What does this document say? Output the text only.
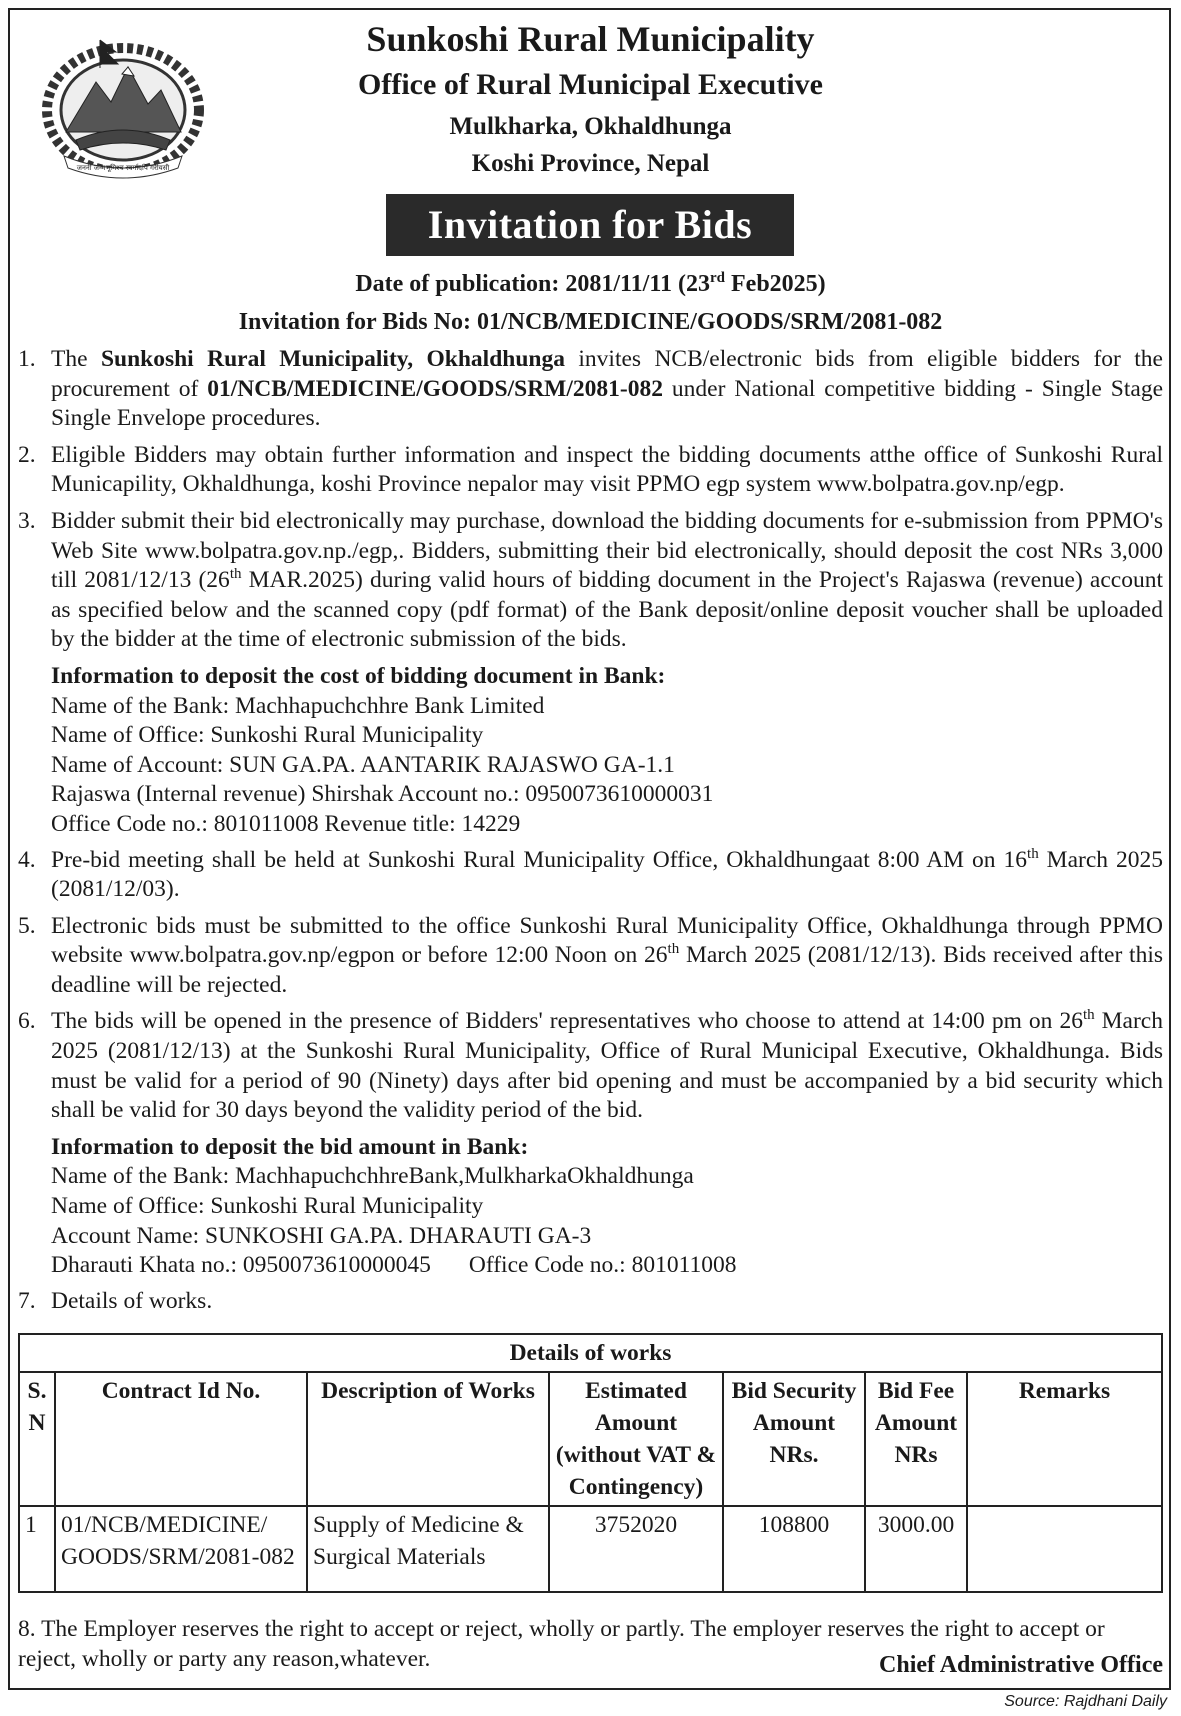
जननी जन्मभूमिश्च स्वर्गादपि गरीयसी
Sunkoshi Rural Municipality
Office of Rural Municipal Executive
Mulkharka, Okhaldhunga
Koshi Province, Nepal
Invitation for Bids
Date of publication: 2081/11/11 (23rd Feb2025)
Invitation for Bids No: 01/NCB/MEDICINE/GOODS/SRM/2081-082
1. The Sunkoshi Rural Municipality, Okhaldhunga invites NCB/electronic bids from eligible bidders for the procurement of 01/NCB/MEDICINE/GOODS/SRM/2081-082 under National competitive bidding - Single Stage Single Envelope procedures.
2. Eligible Bidders may obtain further information and inspect the bidding documents atthe office of Sunkoshi Rural Municapility, Okhaldhunga, koshi Province nepalor may visit PPMO egp system www.bolpatra.gov.np/egp.
3. Bidder submit their bid electronically may purchase, download the bidding documents for e-submission from PPMO's Web Site www.bolpatra.gov.np./egp,. Bidders, submitting their bid electronically, should deposit the cost NRs 3,000 till 2081/12/13 (26th MAR.2025) during valid hours of bidding document in the Project's Rajaswa (revenue) account as specified below and the scanned copy (pdf format) of the Bank deposit/online deposit voucher shall be uploaded by the bidder at the time of electronic submission of the bids.
Information to deposit the cost of bidding document in Bank:
Name of the Bank: Machhapuchchhre Bank Limited
Name of Office: Sunkoshi Rural Municipality
Name of Account: SUN GA.PA. AANTARIK RAJASWO GA-1.1
Rajaswa (Internal revenue) Shirshak Account no.: 0950073610000031
Office Code no.: 801011008 Revenue title: 14229
4. Pre-bid meeting shall be held at Sunkoshi Rural Municipality Office, Okhaldhungaat 8:00 AM on 16th March 2025 (2081/12/03).
5. Electronic bids must be submitted to the office Sunkoshi Rural Municipality Office, Okhaldhunga through PPMO website www.bolpatra.gov.np/egpon or before 12:00 Noon on 26th March 2025 (2081/12/13). Bids received after this deadline will be rejected.
6. The bids will be opened in the presence of Bidders' representatives who choose to attend at 14:00 pm on 26th March 2025 (2081/12/13) at the Sunkoshi Rural Municipality, Office of Rural Municipal Executive, Okhaldhunga. Bids must be valid for a period of 90 (Ninety) days after bid opening and must be accompanied by a bid security which shall be valid for 30 days beyond the validity period of the bid.
Information to deposit the bid amount in Bank:
Name of the Bank: MachhapuchchhreBank,MulkharkaOkhaldhunga
Name of Office: Sunkoshi Rural Municipality
Account Name: SUNKOSHI GA.PA. DHARAUTI GA-3
Dharauti Khata no.: 0950073610000045 Office Code no.: 801011008
7. Details of works.
Details of works						
S. N	Contract Id No.	Description of Works	Estimated Amount (without VAT & Contingency)	Bid Security Amount NRs.	Bid Fee Amount NRs	Remarks
1	01/NCB/MEDICINE/ GOODS/SRM/2081-082	Supply of Medicine & Surgical Materials	3752020	108800	3000.00	
8. The Employer reserves the right to accept or reject, wholly or partly. The employer reserves the right to accept or reject, wholly or party any reason,whatever.	Chief Administrative Office
Source: Rajdhani Daily
